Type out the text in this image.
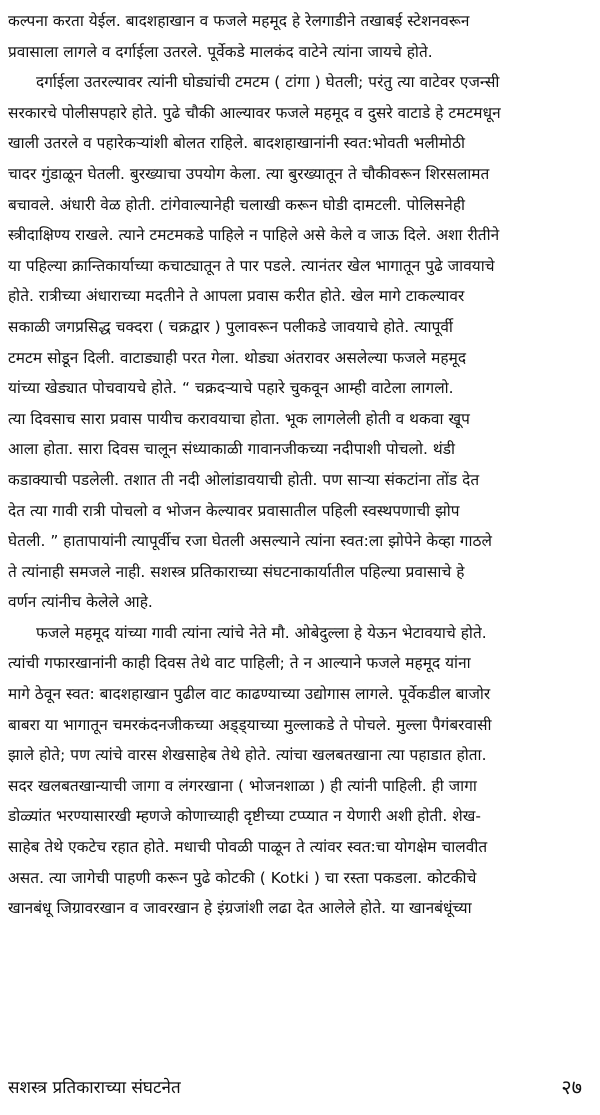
कल्पना करता येईल. बादशहाखान व फजले महमूद हे रेलगाडीने तखाबई स्टेशनवरून
प्रवासाला लागले व दर्गाईला उतरले. पूर्वेकडे मालकंद वाटेने त्यांना जायचे होते.
दर्गाईला उतरल्यावर त्यांनी घोड्यांची टमटम ( टांगा ) घेतली; परंतु त्या वाटेवर एजन्सी
सरकारचे पोलीसपहारे होते. पुढे चौकी आल्यावर फजले महमूद व दुसरे वाटाडे हे टमटमधून
खाली उतरले व पहारेकऱ्यांशी बोलत राहिले. बादशहाखानांनी स्वत:भोवती भलीमोठी
चादर गुंडाळून घेतली. बुरख्याचा उपयोग केला. त्या बुरख्यातून ते चौकीवरून शिरसलामत
बचावले. अंधारी वेळ होती. टांगेवाल्यानेही चलाखी करून घोडी दामटली. पोलिसनेही
स्त्रीदाक्षिण्य राखले. त्याने टमटमकडे पाहिले न पाहिले असे केले व जाऊ दिले. अशा रीतीने
या पहिल्या क्रान्तिकार्याच्या कचाट्यातून ते पार पडले. त्यानंतर खेल भागातून पुढे जावयाचे
होते. रात्रीच्या अंधाराच्या मदतीने ते आपला प्रवास करीत होते. खेल मागे टाकल्यावर
सकाळी जगप्रसिद्ध चक्दरा ( चक्रद्वार ) पुलावरून पलीकडे जावयाचे होते. त्यापूर्वी
टमटम सोडून दिली. वाटाड्याही परत गेला. थोड्या अंतरावर असलेल्या फजले महमूद
यांच्या खेड्यात पोचवायचे होते. “ चक्रदऱ्याचे पहारे चुकवून आम्ही वाटेला लागलो.
त्या दिवसाच सारा प्रवास पायीच करावयाचा होता. भूक लागलेली होती व थकवा खूप
आला होता. सारा दिवस चालून संध्याकाळी गावानजीकच्या नदीपाशी पोचलो. थंडी
कडाक्याची पडलेली. तशात ती नदी ओलांडावयाची होती. पण साऱ्या संकटांना तोंड देत
देत त्या गावी रात्री पोचलो व भोजन केल्यावर प्रवासातील पहिली स्वस्थपणाची झोप
घेतली. ” हातापायांनी त्यापूर्वीच रजा घेतली असल्याने त्यांना स्वत:ला झोपेने केव्हा गाठले
ते त्यांनाही समजले नाही. सशस्त्र प्रतिकाराच्या संघटनाकार्यातील पहिल्या प्रवासाचे हे
वर्णन त्यांनीच केलेले आहे.
फजले महमूद यांच्या गावी त्यांना त्यांचे नेते मौ. ओबेदुल्ला हे येऊन भेटावयाचे होते.
त्यांची गफारखानांनी काही दिवस तेथे वाट पाहिली; ते न आल्याने फजले महमूद यांना
मागे ठेवून स्वत: बादशहाखान पुढील वाट काढण्याच्या उद्योगास लागले. पूर्वेकडील बाजोर
बाबरा या भागातून चमरकंदनजीकच्या अड्ड्याच्या मुल्लाकडे ते पोचले. मुल्ला पैगंबरवासी
झाले होते; पण त्यांचे वारस शेखसाहेब तेथे होते. त्यांचा खलबतखाना त्या पहाडात होता.
सदर खलबतखान्याची जागा व लंगरखाना ( भोजनशाळा ) ही त्यांनी पाहिली. ही जागा
डोळ्यांत भरण्यासारखी म्हणजे कोणाच्याही दृष्टीच्या टप्प्यात न येणारी अशी होती. शेख-
साहेब तेथे एकटेच रहात होते. मधाची पोवळी पाळून ते त्यांवर स्वत:चा योगक्षेम चालवीत
असत. त्या जागेची पाहणी करून पुढे कोटकी ( Kotki ) चा रस्ता पकडला. कोटकीचे
खानबंधू जिग्रावरखान व जावरखान हे इंग्रजांशी लढा देत आलेले होते. या खानबंधूंच्या
सशस्त्र प्रतिकाराच्या संघटनेत	२७
